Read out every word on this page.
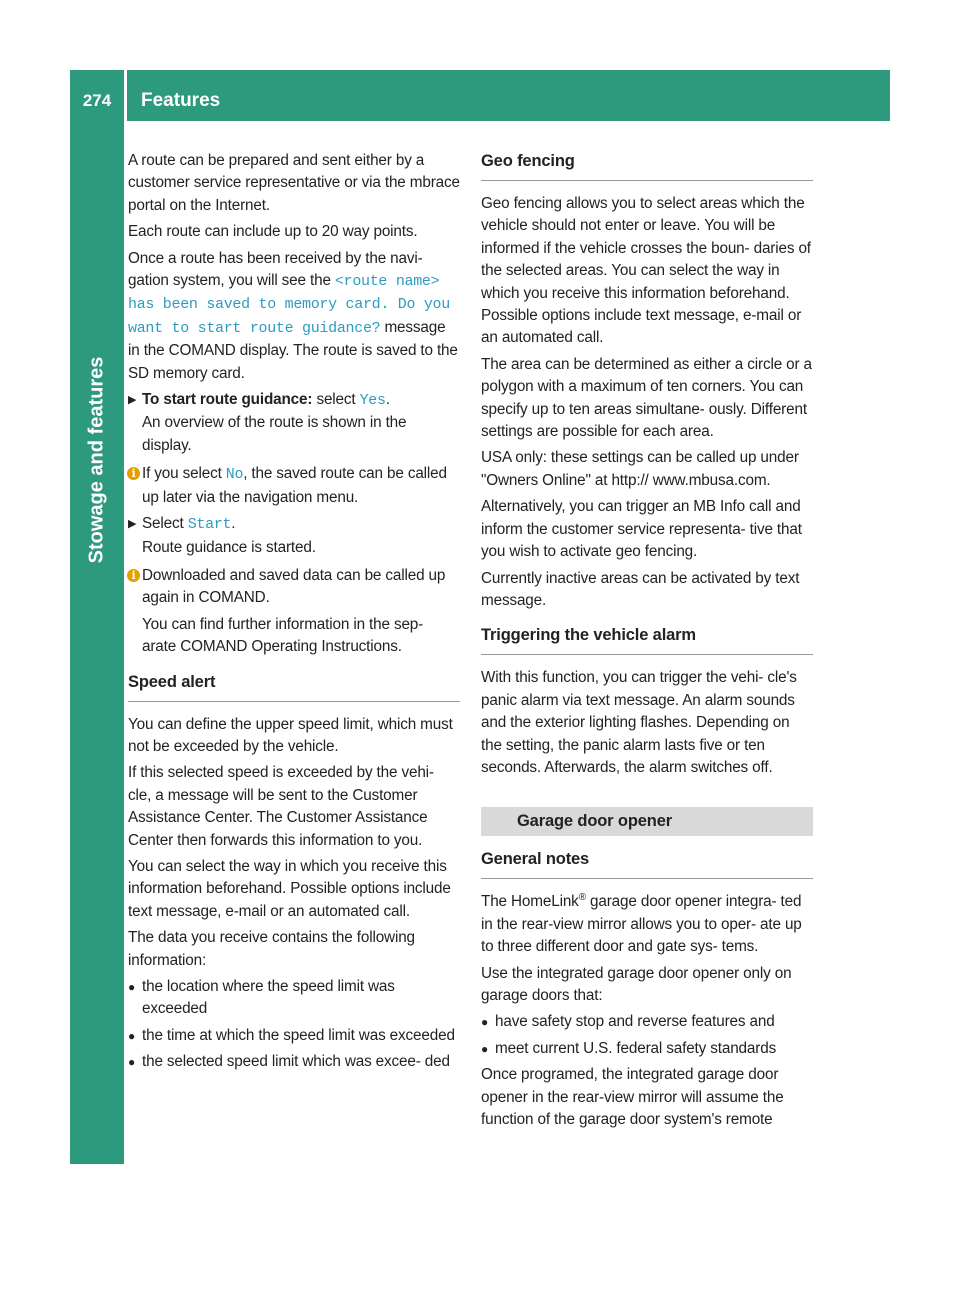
274	Features
Stowage and features

A route can be prepared and sent either by a customer service representative or via the mbrace portal on the Internet.

Each route can include up to 20 way points.

Once a route has been received by the navi- gation system, you will see the <route name> has been saved to memory card. Do you want to start route guidance? message in the COMAND display. The route is saved to the SD memory card.

▶ To start route guidance: select Yes.
An overview of the route is shown in the display.
i If you select No, the saved route can be called up later via the navigation menu.
▶ Select Start.
Route guidance is started.
i Downloaded and saved data can be called up again in COMAND.

You can find further information in the sep- arate COMAND Operating Instructions.

Speed alert

You can define the upper speed limit, which must not be exceeded by the vehicle.

If this selected speed is exceeded by the vehi- cle, a message will be sent to the Customer Assistance Center. The Customer Assistance Center then forwards this information to you.

You can select the way in which you receive this information beforehand. Possible options include text message, e-mail or an automated call.

The data you receive contains the following information:

● the location where the speed limit was exceeded
● the time at which the speed limit was exceeded
● the selected speed limit which was excee- ded
Geo fencing

Geo fencing allows you to select areas which the vehicle should not enter or leave. You will be informed if the vehicle crosses the boun- daries of the selected areas. You can select the way in which you receive this information beforehand. Possible options include text message, e-mail or an automated call.

The area can be determined as either a circle or a polygon with a maximum of ten corners. You can specify up to ten areas simultane- ously. Different settings are possible for each area.

USA only: these settings can be called up under "Owners Online" at http:// www.mbusa.com.

Alternatively, you can trigger an MB Info call and inform the customer service representa- tive that you wish to activate geo fencing.

Currently inactive areas can be activated by text message.

Triggering the vehicle alarm

With this function, you can trigger the vehi- cle's panic alarm via text message. An alarm sounds and the exterior lighting flashes. Depending on the setting, the panic alarm lasts five or ten seconds. Afterwards, the alarm switches off.

Garage door opener
General notes

The HomeLink® garage door opener integra- ted in the rear-view mirror allows you to oper- ate up to three different door and gate sys- tems.

Use the integrated garage door opener only on garage doors that:

● have safety stop and reverse features and
● meet current U.S. federal safety standards

Once programed, the integrated garage door opener in the rear-view mirror will assume the function of the garage door system's remote
